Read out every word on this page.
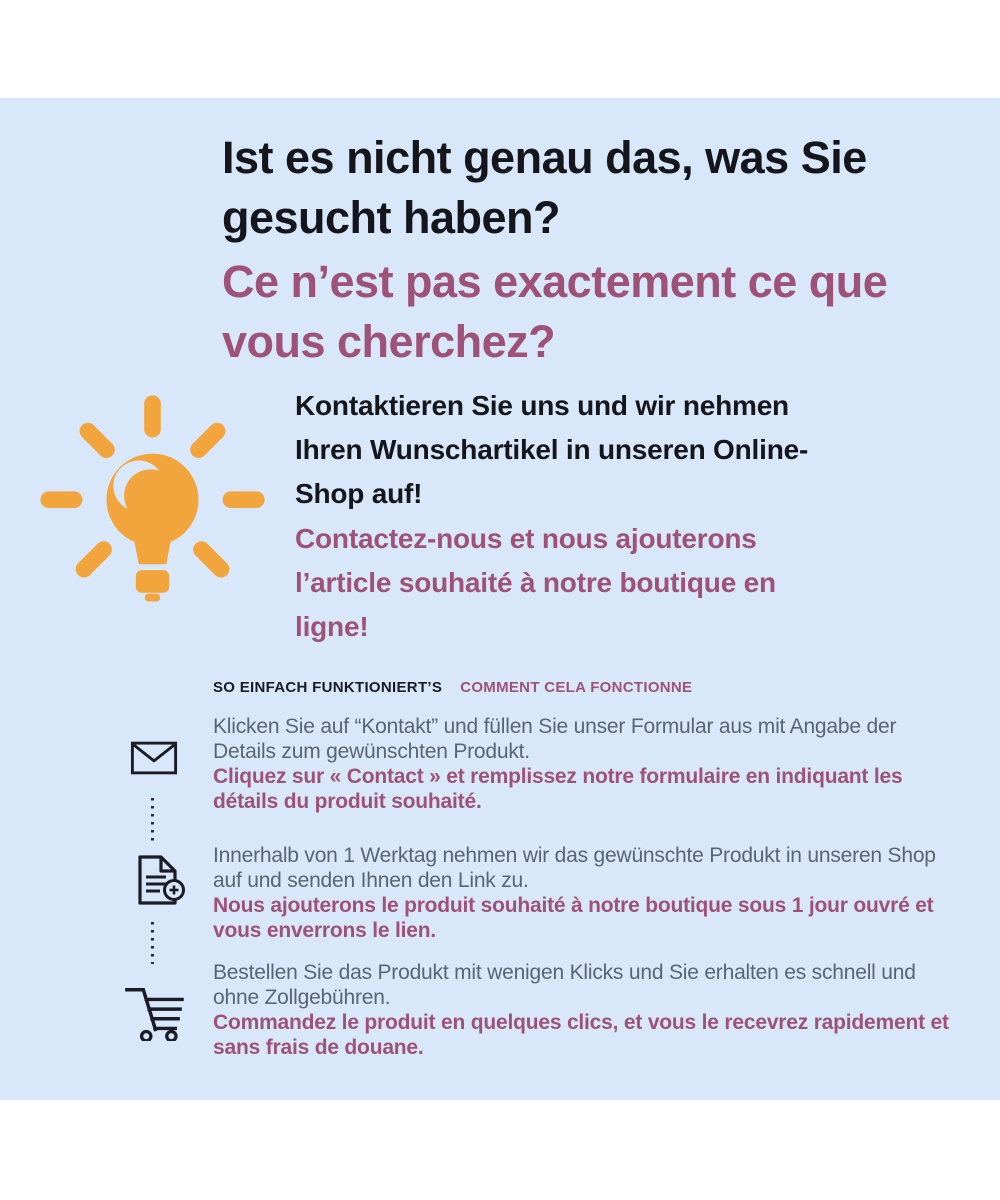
Ist es nicht genau das, was Sie gesucht haben?
Ce n’est pas exactement ce que vous cherchez?
Kontaktieren Sie uns und wir nehmen Ihren Wunschartikel in unseren Online-Shop auf!
Contactez-nous et nous ajouterons l’article souhaité à notre boutique en ligne!
SO EINFACH FUNKTIONIERT’S COMMENT CELA FONCTIONNE
Klicken Sie auf “Kontakt” und füllen Sie unser Formular aus mit Angabe der Details zum gewünschten Produkt.
Cliquez sur « Contact » et remplissez notre formulaire en indiquant les détails du produit souhaité.
Innerhalb von 1 Werktag nehmen wir das gewünschte Produkt in unseren Shop auf und senden Ihnen den Link zu.
Nous ajouterons le produit souhaité à notre boutique sous 1 jour ouvré et vous enverrons le lien.
Bestellen Sie das Produkt mit wenigen Klicks und Sie erhalten es schnell und ohne Zollgebühren.
Commandez le produit en quelques clics, et vous le recevrez rapidement et sans frais de douane.
